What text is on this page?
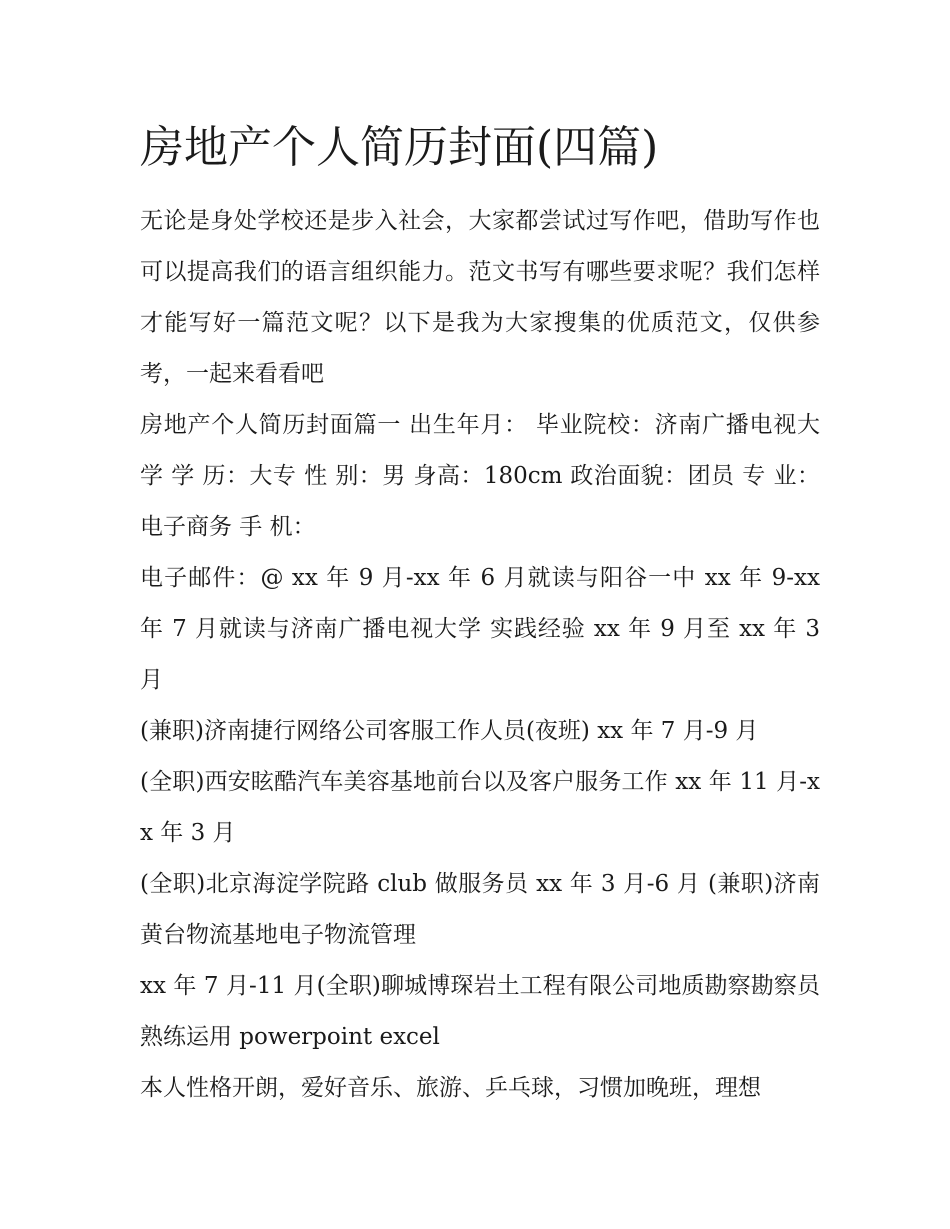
房地产个人简历封面(四篇)

无论是身处学校还是步入社会，大家都尝试过写作吧，借助写作也可以提高我们的语言组织能力。范文书写有哪些要求呢？我们怎样才能写好一篇范文呢？以下是我为大家搜集的优质范文，仅供参考，一起来看看吧

房地产个人简历封面篇一 出生年月： 毕业院校：济南广播电视大学 学 历：大专 性 别：男 身高：180cm 政治面貌：团员 专 业：电子商务 手 机：

电子邮件：@ xx 年 9 月-xx 年 6 月就读与阳谷一中 xx 年 9-xx 年 7 月就读与济南广播电视大学 实践经验 xx 年 9 月至 xx 年 3 月

(兼职)济南捷行网络公司客服工作人员(夜班) xx 年 7 月-9 月

(全职)西安眩酷汽车美容基地前台以及客户服务工作 xx 年 11 月-xx 年 3 月

(全职)北京海淀学院路 club 做服务员 xx 年 3 月-6 月 (兼职)济南黄台物流基地电子物流管理

xx 年 7 月-11 月(全职)聊城博琛岩土工程有限公司地质勘察勘察员 熟练运用 powerpoint excel

本人性格开朗，爱好音乐、旅游、乒乓球，习惯加晚班，理想
